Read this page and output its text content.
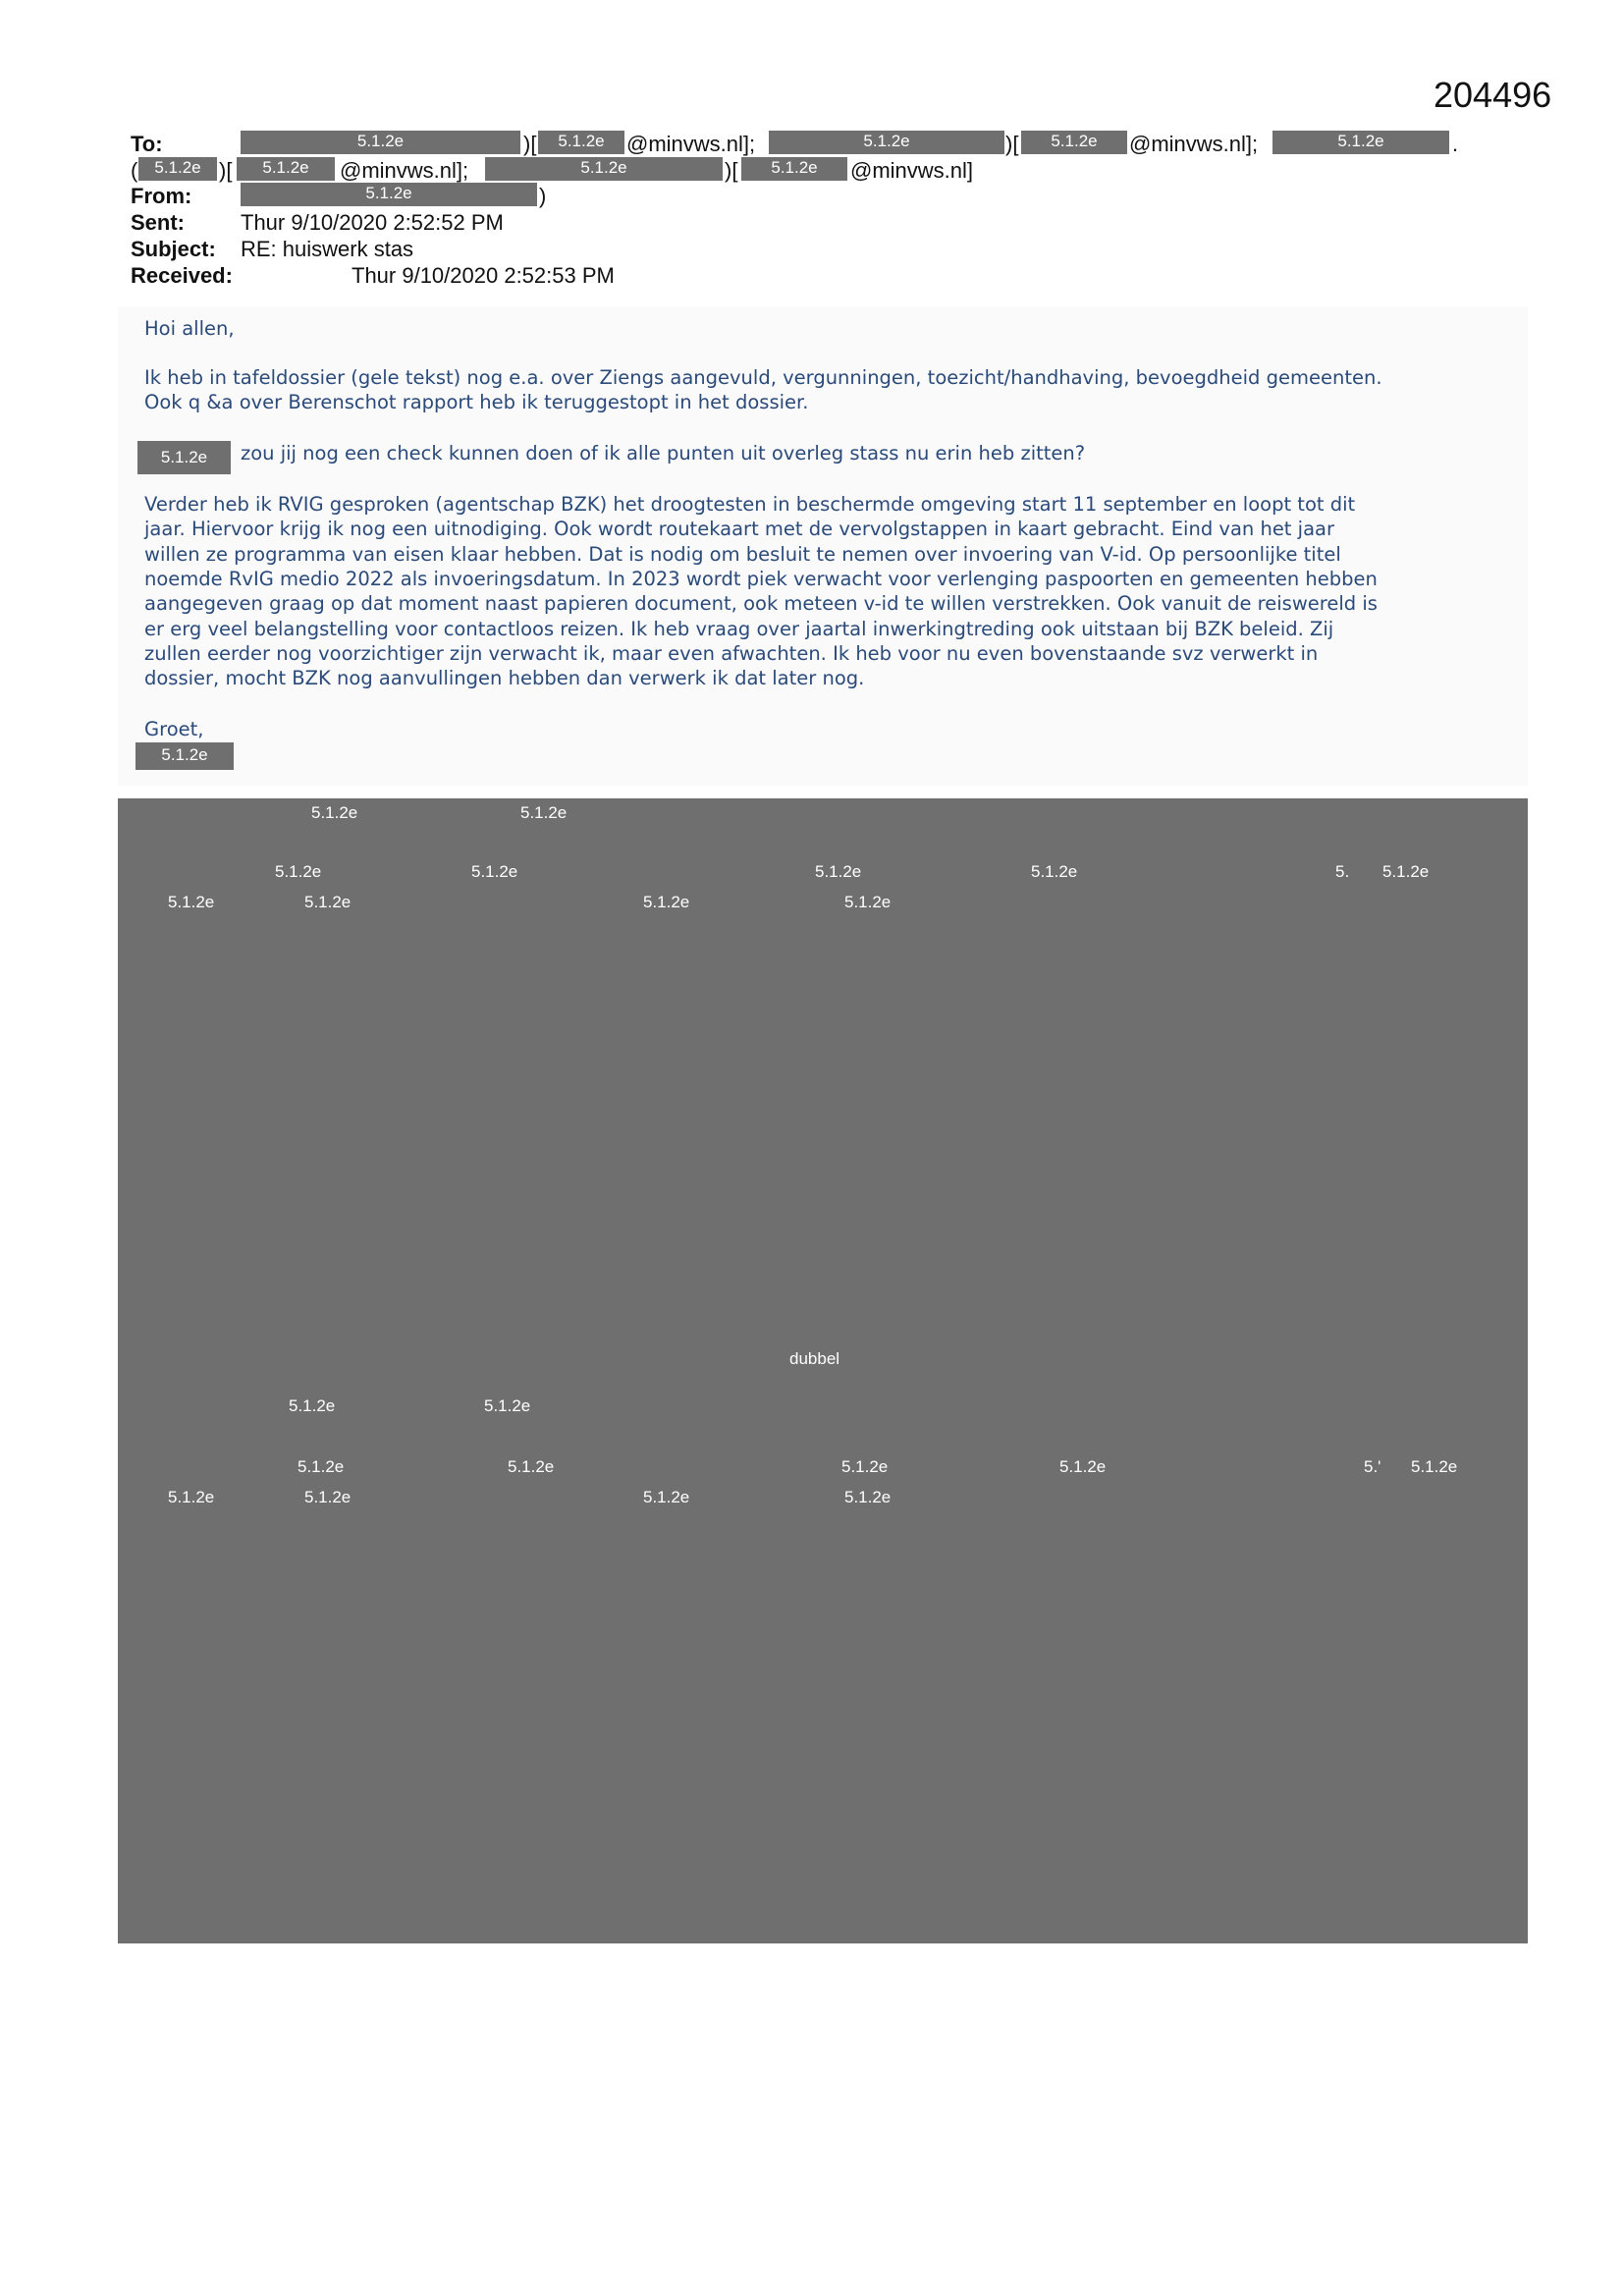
204496
To:	5.1.2e	)[	5.1.2e	@minvws.nl];	5.1.2e	)[	5.1.2e	@minvws.nl];	5.1.2e	.
(	5.1.2e )[	5.1.2e	@minvws.nl];	5.1.2e	)[	5.1.2e	@minvws.nl]
From:	5.1.2e	)
Sent:	Thur 9/10/2020 2:52:52 PM
Subject: RE: huiswerk stas
Received:	Thur 9/10/2020 2:52:53 PM
Hoi allen,
Ik heb in tafeldossier (gele tekst) nog e.a. over Ziengs aangevuld, vergunningen, toezicht/handhaving, bevoegdheid gemeenten.
Ook q &a over Berenschot rapport heb ik teruggestopt in het dossier.
5.1.2e	zou jij nog een check kunnen doen of ik alle punten uit overleg stass nu erin heb zitten?
Verder heb ik RVIG gesproken (agentschap BZK) het droogtesten in beschermde omgeving start 11 september en loopt tot dit
jaar. Hiervoor krijg ik nog een uitnodiging. Ook wordt routekaart met de vervolgstappen in kaart gebracht. Eind van het jaar
willen ze programma van eisen klaar hebben. Dat is nodig om besluit te nemen over invoering van V-id. Op persoonlijke titel
noemde RvIG medio 2022 als invoeringsdatum. In 2023 wordt piek verwacht voor verlenging paspoorten en gemeenten hebben
aangegeven graag op dat moment naast papieren document, ook meteen v-id te willen verstrekken. Ook vanuit de reiswereld is
er erg veel belangstelling voor contactloos reizen. Ik heb vraag over jaartal inwerkingtreding ook uitstaan bij BZK beleid. Zij
zullen eerder nog voorzichtiger zijn verwacht ik, maar even afwachten. Ik heb voor nu even bovenstaande svz verwerkt in
dossier, mocht BZK nog aanvullingen hebben dan verwerk ik dat later nog.
Groet,
5.1.2e
5.1.2e	5.1.2e
5.1.2e	5.1.2e	5.1.2e	5.1.2e	5. 5.1.2e
5.1.2e	5.1.2e	5.1.2e	5.1.2e
dubbel
5.1.2e	5.1.2e
5.1.2e	5.1.2e	5.1.2e	5.1.2e	5.' 5.1.2e
5.1.2e	5.1.2e	5.1.2e	5.1.2e
